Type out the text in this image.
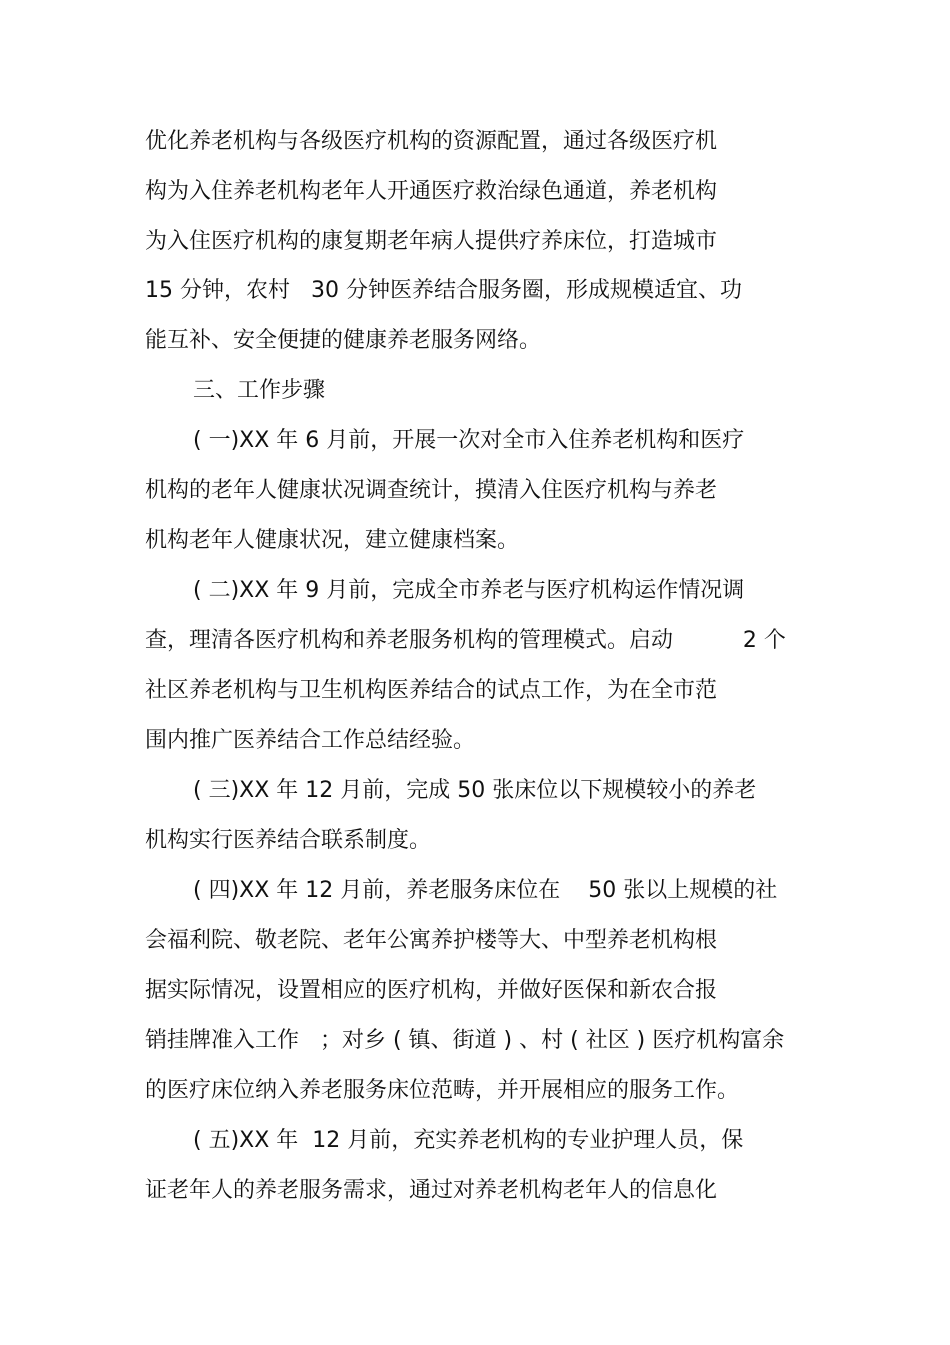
优化养老机构与各级医疗机构的资源配置，通过各级医疗机
构为入住养老机构老年人开通医疗救治绿色通道，养老机构
为入住医疗机构的康复期老年病人提供疗养床位，打造城市
15 分钟，农村   30 分钟医养结合服务圈，形成规模适宜、功
能互补、安全便捷的健康养老服务网络。
三、工作步骤
( 一)XX 年 6 月前，开展一次对全市入住养老机构和医疗
机构的老年人健康状况调查统计，摸清入住医疗机构与养老
机构老年人健康状况，建立健康档案。
( 二)XX 年 9 月前，完成全市养老与医疗机构运作情况调
查，理清各医疗机构和养老服务机构的管理模式。启动          2 个
社区养老机构与卫生机构医养结合的试点工作，为在全市范
围内推广医养结合工作总结经验。
( 三)XX 年 12 月前，完成 50 张床位以下规模较小的养老
机构实行医养结合联系制度。
( 四)XX 年 12 月前，养老服务床位在    50 张以上规模的社
会福利院、敬老院、老年公寓养护楼等大、中型养老机构根
据实际情况，设置相应的医疗机构，并做好医保和新农合报
销挂牌准入工作   ；对乡 ( 镇、街道 ) 、村 ( 社区 ) 医疗机构富余
的医疗床位纳入养老服务床位范畴，并开展相应的服务工作。
( 五)XX 年  12 月前，充实养老机构的专业护理人员，保
证老年人的养老服务需求，通过对养老机构老年人的信息化
